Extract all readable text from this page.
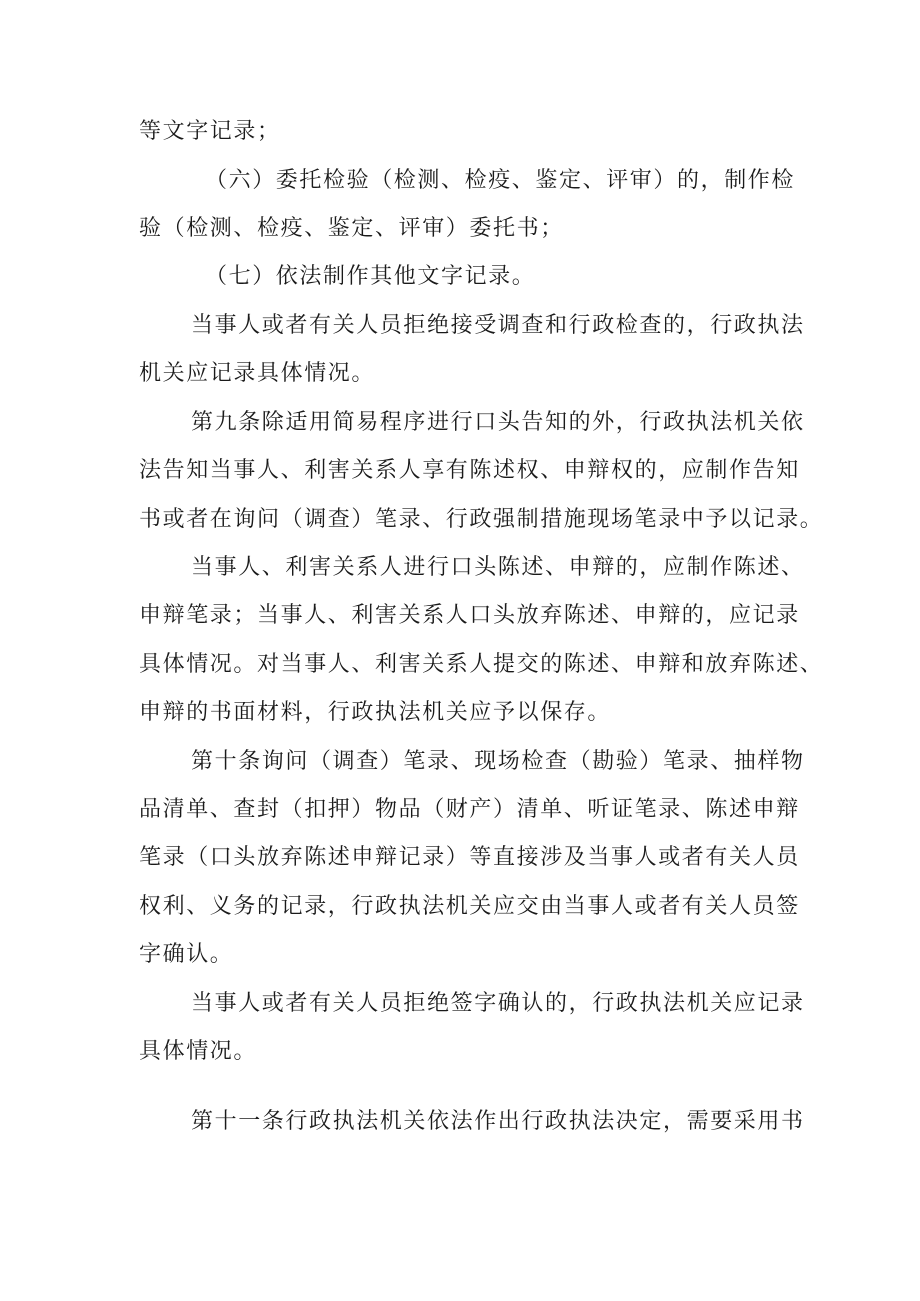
等文字记录；

（六）委托检验（检测、检疫、鉴定、评审）的，制作检

验（检测、检疫、鉴定、评审）委托书；

（七）依法制作其他文字记录。

当事人或者有关人员拒绝接受调查和行政检查的，行政执法

机关应记录具体情况。

第九条除适用简易程序进行口头告知的外，行政执法机关依

法告知当事人、利害关系人享有陈述权、申辩权的，应制作告知

书或者在询问（调查）笔录、行政强制措施现场笔录中予以记录。

当事人、利害关系人进行口头陈述、申辩的，应制作陈述、

申辩笔录；当事人、利害关系人口头放弃陈述、申辩的，应记录

具体情况。对当事人、利害关系人提交的陈述、申辩和放弃陈述、

申辩的书面材料，行政执法机关应予以保存。

第十条询问（调查）笔录、现场检查（勘验）笔录、抽样物

品清单、查封（扣押）物品（财产）清单、听证笔录、陈述申辩

笔录（口头放弃陈述申辩记录）等直接涉及当事人或者有关人员

权利、义务的记录，行政执法机关应交由当事人或者有关人员签

字确认。

当事人或者有关人员拒绝签字确认的，行政执法机关应记录

具体情况。

第十一条行政执法机关依法作出行政执法决定，需要采用书
